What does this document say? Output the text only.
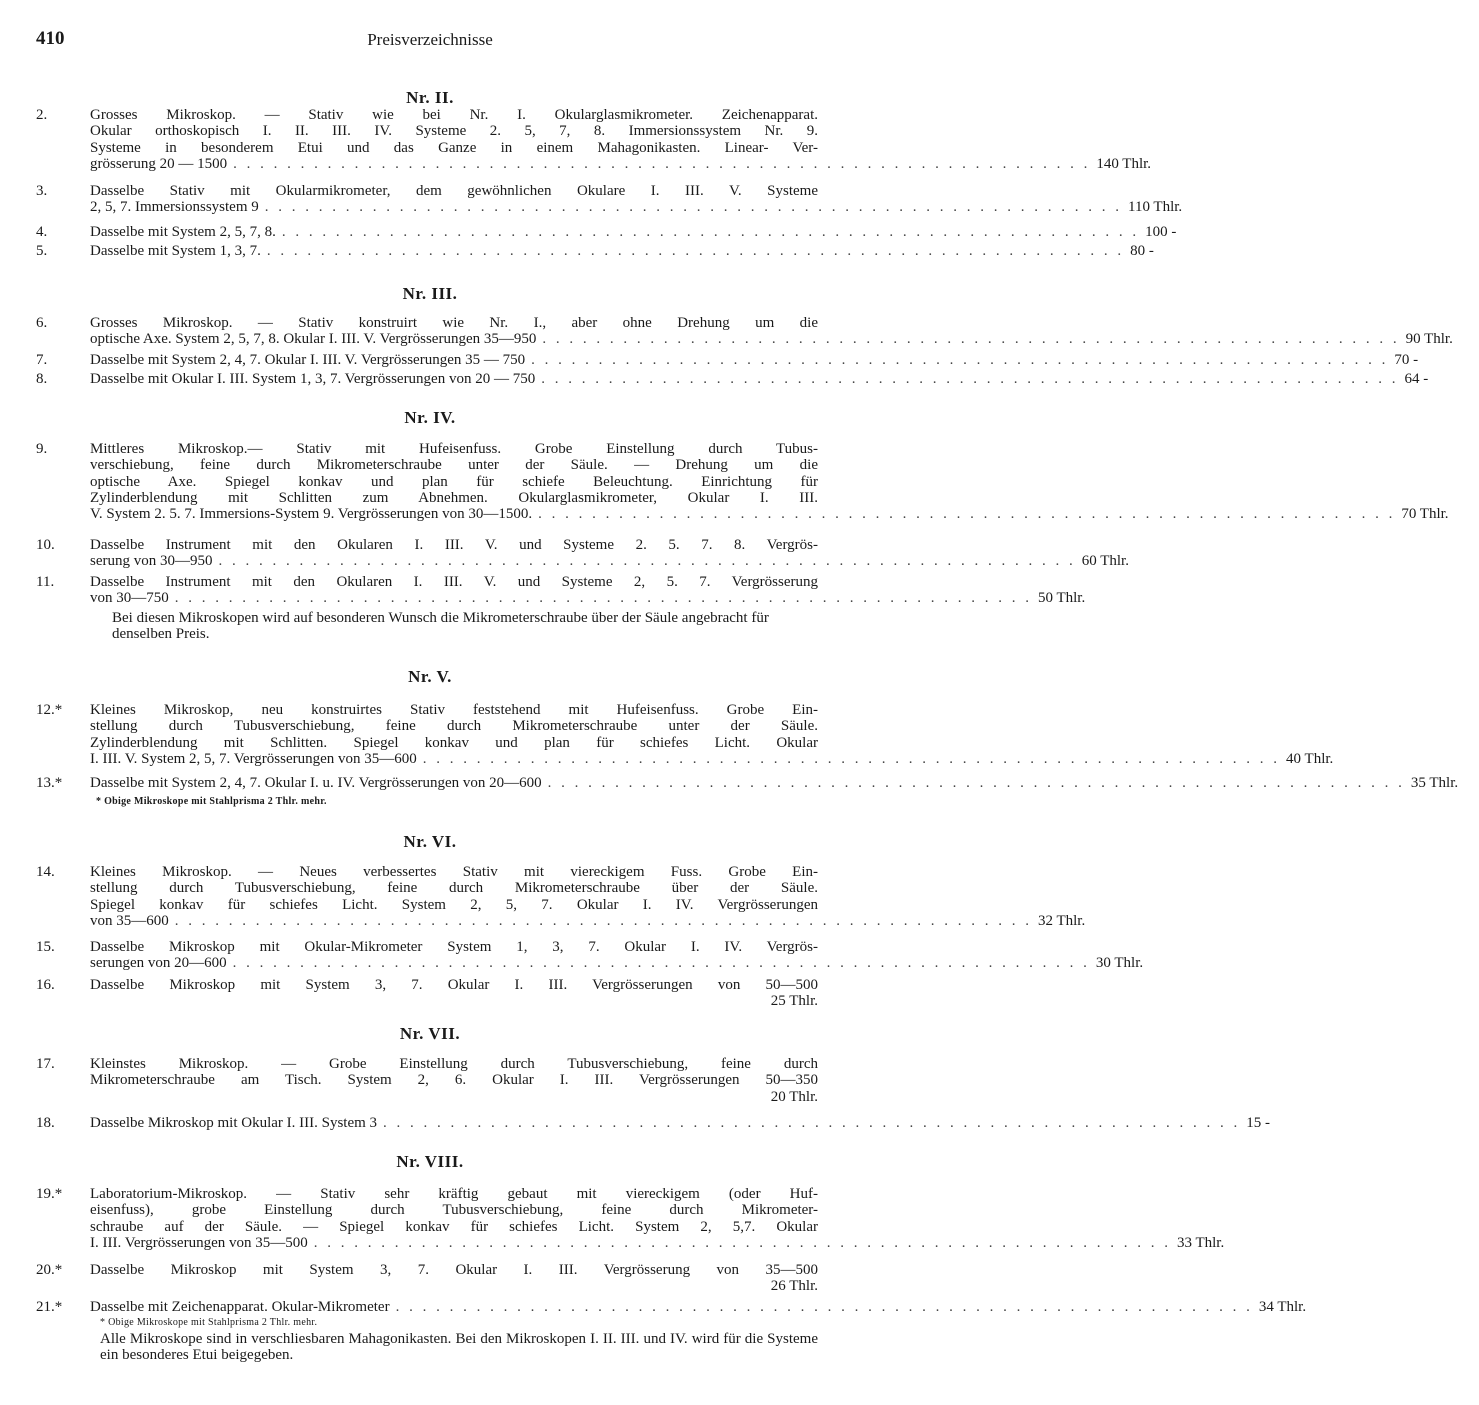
410	Preisverzeichnisse
Nr. II.
2.	Grosses Mikroskop. — Stativ wie bei Nr. I. Okularglasmikrometer. Zeichenapparat.
Okular orthoskopisch I. II. III. IV. Systeme 2. 5, 7, 8. Immersionssystem Nr. 9.
Systeme in besonderem Etui und das Ganze in einem Mahagonikasten. Linear- Ver-
grösserung 20 — 1500 . . . . . . . . . . . . . . . . . . . . . . . . . . . . . . . . . . . . . . . . . . . . . . . . . . . . . . . . . . . . . . . . 140 Thlr.
3.	Dasselbe Stativ mit Okularmikrometer, dem gewöhnlichen Okulare I. III. V. Systeme
2, 5, 7. Immersionssystem 9 . . . . . . . . . . . . . . . . . . . . . . . . . . . . . . . . . . . . . . . . . . . . . . . . . . . . . . . . . . . . . . . . 110 Thlr.
4.	Dasselbe mit System 2, 5, 7, 8. . . . . . . . . . . . . . . . . . . . . . . . . . . . . . . . . . . . . . . . . . . . . . . . . . . . . . . . . . . . . . . . . 100 -
5.	Dasselbe mit System 1, 3, 7. . . . . . . . . . . . . . . . . . . . . . . . . . . . . . . . . . . . . . . . . . . . . . . . . . . . . . . . . . . . . . . . . 80 -
Nr. III.
6.	Grosses Mikroskop. — Stativ konstruirt wie Nr. I., aber ohne Drehung um die
optische Axe. System 2, 5, 7, 8. Okular I. III. V. Vergrösserungen 35—950 . . . . . . . . . . . . . . . . . . . . . . . . . . . . . . . . . . . . . . . . . . . . . . . . . . . . . . . . . . . . . . . . 90 Thlr.
7.	Dasselbe mit System 2, 4, 7. Okular I. III. V. Vergrösserungen 35 — 750 . . . . . . . . . . . . . . . . . . . . . . . . . . . . . . . . . . . . . . . . . . . . . . . . . . . . . . . . . . . . . . . . 70 -
8.	Dasselbe mit Okular I. III. System 1, 3, 7. Vergrösserungen von 20 — 750 . . . . . . . . . . . . . . . . . . . . . . . . . . . . . . . . . . . . . . . . . . . . . . . . . . . . . . . . . . . . . . . . 64 -
Nr. IV.
9.	Mittleres Mikroskop.— Stativ mit Hufeisenfuss. Grobe Einstellung durch Tubus-
verschiebung, feine durch Mikrometerschraube unter der Säule. — Drehung um die
optische Axe. Spiegel konkav und plan für schiefe Beleuchtung. Einrichtung für
Zylinderblendung mit Schlitten zum Abnehmen. Okularglasmikrometer, Okular I. III.
V. System 2. 5. 7. Immersions-System 9. Vergrösserungen von 30—1500. . . . . . . . . . . . . . . . . . . . . . . . . . . . . . . . . . . . . . . . . . . . . . . . . . . . . . . . . . . . . . . . . 70 Thlr.
10.	Dasselbe Instrument mit den Okularen I. III. V. und Systeme 2. 5. 7. 8. Vergrös-
serung von 30—950 . . . . . . . . . . . . . . . . . . . . . . . . . . . . . . . . . . . . . . . . . . . . . . . . . . . . . . . . . . . . . . . . 60 Thlr.
11.	Dasselbe Instrument mit den Okularen I. III. V. und Systeme 2, 5. 7. Vergrösserung
von 30—750 . . . . . . . . . . . . . . . . . . . . . . . . . . . . . . . . . . . . . . . . . . . . . . . . . . . . . . . . . . . . . . . . 50 Thlr.
Bei diesen Mikroskopen wird auf besonderen Wunsch die Mikrometerschraube über der Säule angebracht für denselben Preis.
Nr. V.
12.*	Kleines Mikroskop, neu konstruirtes Stativ feststehend mit Hufeisenfuss. Grobe Ein-
stellung durch Tubusverschiebung, feine durch Mikrometerschraube unter der Säule.
Zylinderblendung mit Schlitten. Spiegel konkav und plan für schiefes Licht. Okular
I. III. V. System 2, 5, 7. Vergrösserungen von 35—600 . . . . . . . . . . . . . . . . . . . . . . . . . . . . . . . . . . . . . . . . . . . . . . . . . . . . . . . . . . . . . . . . 40 Thlr.
13.*	Dasselbe mit System 2, 4, 7. Okular I. u. IV. Vergrösserungen von 20—600 . . . . . . . . . . . . . . . . . . . . . . . . . . . . . . . . . . . . . . . . . . . . . . . . . . . . . . . . . . . . . . . . 35 Thlr.
* Obige Mikroskope mit Stahlprisma 2 Thlr. mehr.
Nr. VI.
14.	Kleines Mikroskop. — Neues verbessertes Stativ mit viereckigem Fuss. Grobe Ein-
stellung durch Tubusverschiebung, feine durch Mikrometerschraube über der Säule.
Spiegel konkav für schiefes Licht. System 2, 5, 7. Okular I. IV. Vergrösserungen
von 35—600 . . . . . . . . . . . . . . . . . . . . . . . . . . . . . . . . . . . . . . . . . . . . . . . . . . . . . . . . . . . . . . . . 32 Thlr.
15.	Dasselbe Mikroskop mit Okular-Mikrometer System 1, 3, 7. Okular I. IV. Vergrös-
serungen von 20—600 . . . . . . . . . . . . . . . . . . . . . . . . . . . . . . . . . . . . . . . . . . . . . . . . . . . . . . . . . . . . . . . . 30 Thlr.
16.	Dasselbe Mikroskop mit System 3, 7. Okular I. III. Vergrösserungen von 50—500
25 Thlr.
Nr. VII.
17.	Kleinstes Mikroskop. — Grobe Einstellung durch Tubusverschiebung, feine durch
Mikrometerschraube am Tisch. System 2, 6. Okular I. III. Vergrösserungen 50—350
20 Thlr.
18.	Dasselbe Mikroskop mit Okular I. III. System 3 . . . . . . . . . . . . . . . . . . . . . . . . . . . . . . . . . . . . . . . . . . . . . . . . . . . . . . . . . . . . . . . . 15 -
Nr. VIII.
19.*	Laboratorium-Mikroskop. — Stativ sehr kräftig gebaut mit viereckigem (oder Huf-
eisenfuss), grobe Einstellung durch Tubusverschiebung, feine durch Mikrometer-
schraube auf der Säule. — Spiegel konkav für schiefes Licht. System 2, 5,7. Okular
I. III. Vergrösserungen von 35—500 . . . . . . . . . . . . . . . . . . . . . . . . . . . . . . . . . . . . . . . . . . . . . . . . . . . . . . . . . . . . . . . . 33 Thlr.
20.*	Dasselbe Mikroskop mit System 3, 7. Okular I. III. Vergrösserung von 35—500
26 Thlr.
21.*	Dasselbe mit Zeichenapparat. Okular-Mikrometer . . . . . . . . . . . . . . . . . . . . . . . . . . . . . . . . . . . . . . . . . . . . . . . . . . . . . . . . . . . . . . . . 34 Thlr.
* Obige Mikroskope mit Stahlprisma 2 Thlr. mehr.
Alle Mikroskope sind in verschliesbaren Mahagonikasten. Bei den Mikroskopen I. II. III. und IV. wird für die Systeme ein besonderes Etui beigegeben.
